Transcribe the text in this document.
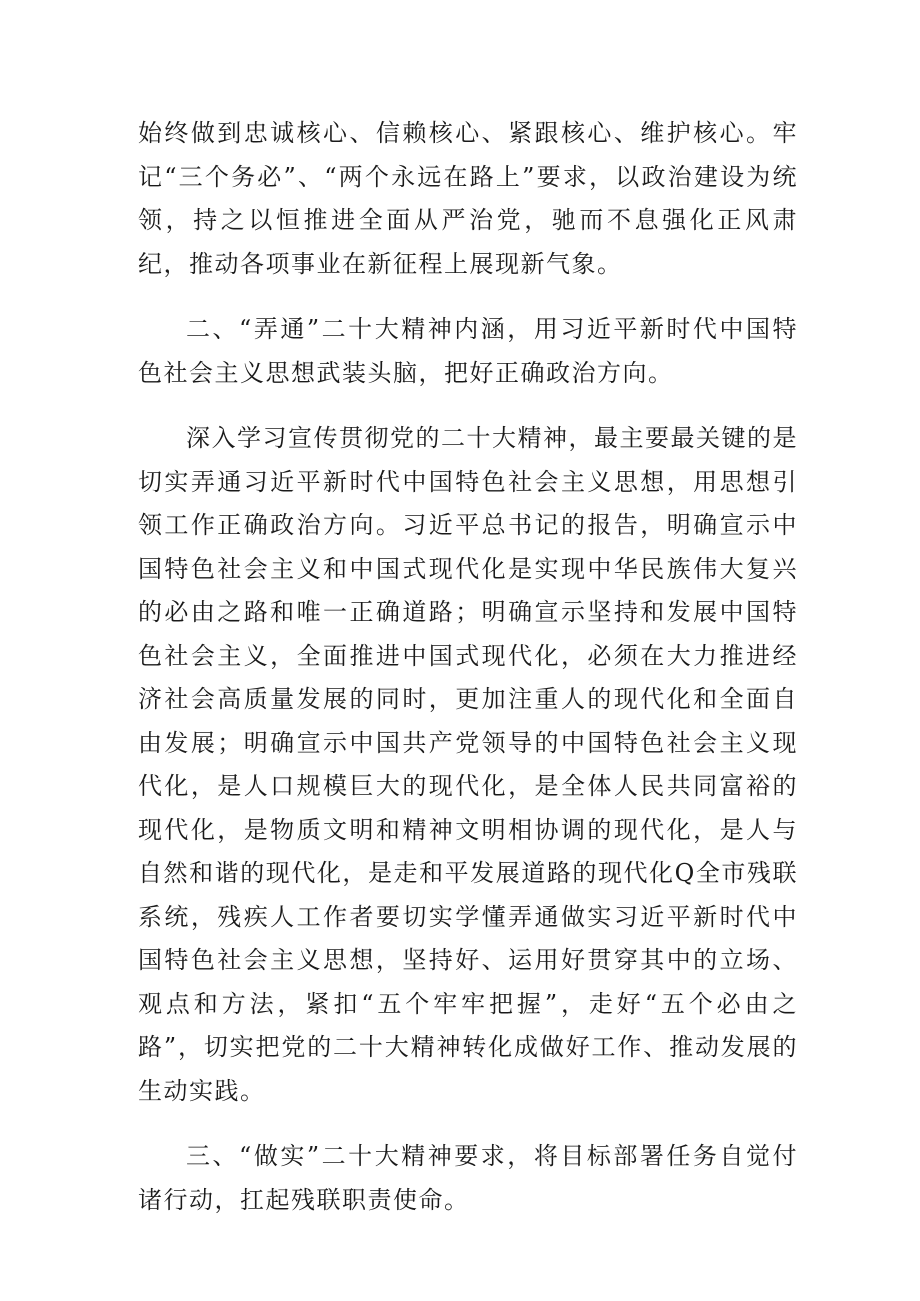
始终做到忠诚核心、信赖核心、紧跟核心、维护核心。牢记“三个务必”、“两个永远在路上”要求，以政治建设为统领，持之以恒推进全面从严治党，驰而不息强化正风肃纪，推动各项事业在新征程上展现新气象。

二、“弄通”二十大精神内涵，用习近平新时代中国特色社会主义思想武装头脑，把好正确政治方向。

深入学习宣传贯彻党的二十大精神，最主要最关键的是切实弄通习近平新时代中国特色社会主义思想，用思想引领工作正确政治方向。习近平总书记的报告，明确宣示中国特色社会主义和中国式现代化是实现中华民族伟大复兴的必由之路和唯一正确道路；明确宣示坚持和发展中国特色社会主义，全面推进中国式现代化，必须在大力推进经济社会高质量发展的同时，更加注重人的现代化和全面自由发展；明确宣示中国共产党领导的中国特色社会主义现代化，是人口规模巨大的现代化，是全体人民共同富裕的现代化，是物质文明和精神文明相协调的现代化，是人与自然和谐的现代化，是走和平发展道路的现代化Q全市残联系统，残疾人工作者要切实学懂弄通做实习近平新时代中国特色社会主义思想，坚持好、运用好贯穿其中的立场、观点和方法，紧扣“五个牢牢把握”，走好“五个必由之路”，切实把党的二十大精神转化成做好工作、推动发展的生动实践。

三、“做实”二十大精神要求，将目标部署任务自觉付诸行动，扛起残联职责使命。
